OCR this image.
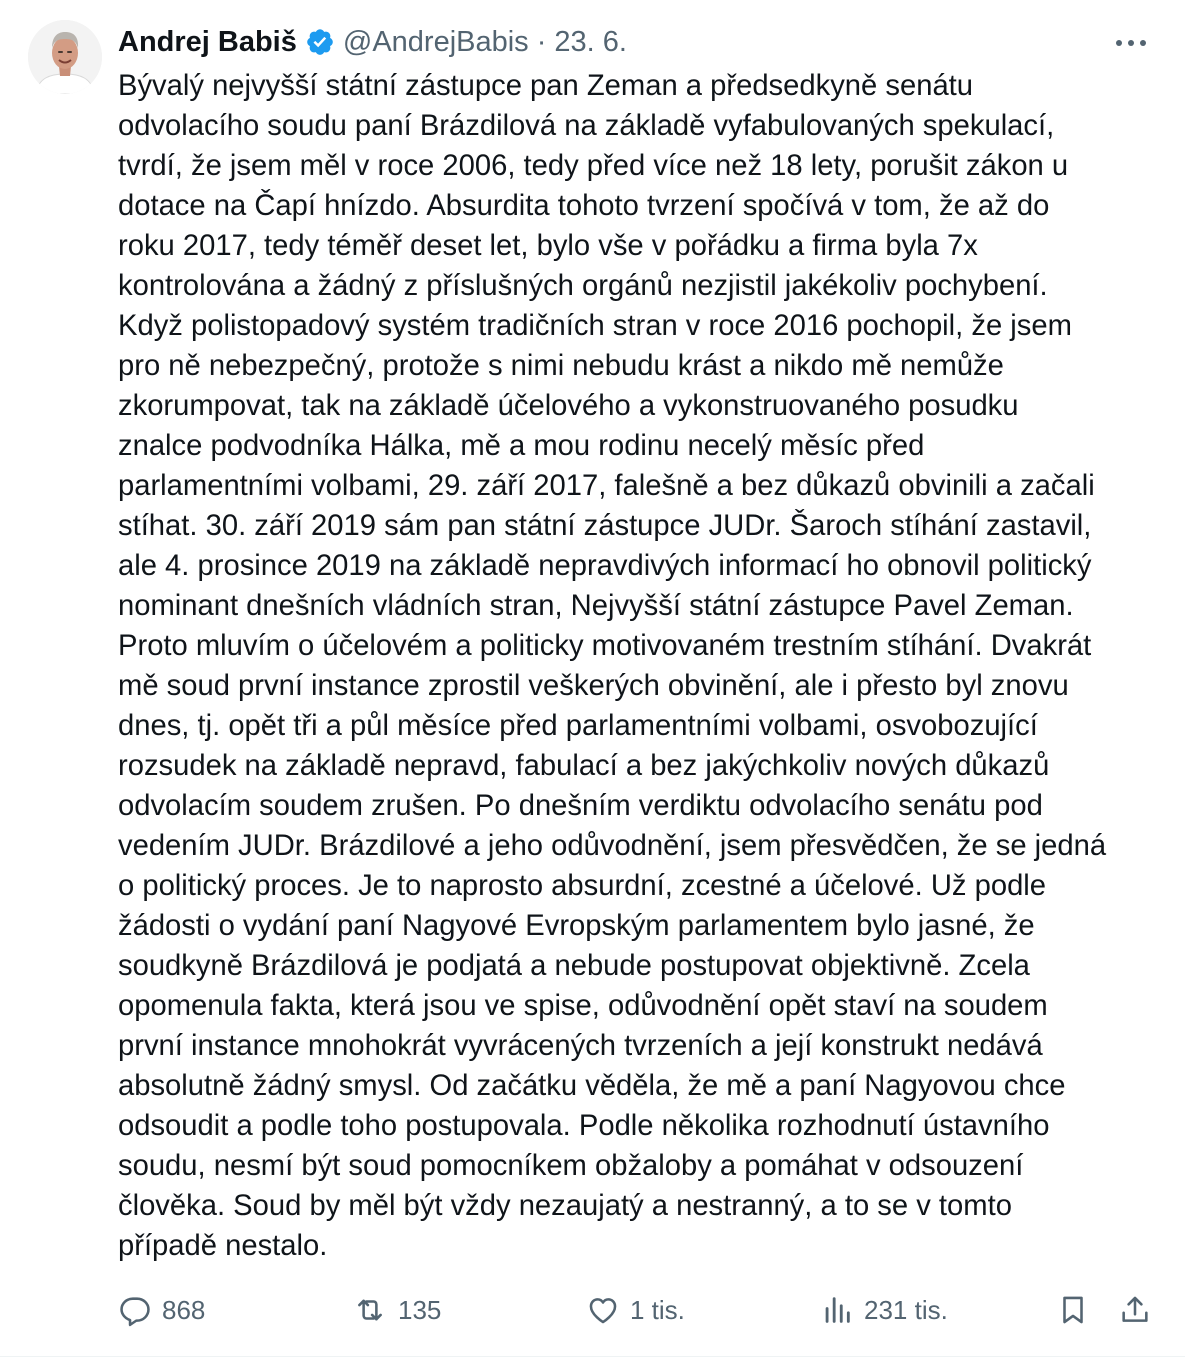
Andrej Babiš @AndrejBabis · 23. 6.
Bývalý nejvyšší státní zástupce pan Zeman a předsedkyně senátu
odvolacího soudu paní Brázdilová na základě vyfabulovaných spekulací,
tvrdí, že jsem měl v roce 2006, tedy před více než 18 lety, porušit zákon u
dotace na Čapí hnízdo. Absurdita tohoto tvrzení spočívá v tom, že až do
roku 2017, tedy téměř deset let, bylo vše v pořádku a firma byla 7x
kontrolována a žádný z příslušných orgánů nezjistil jakékoliv pochybení.
Když polistopadový systém tradičních stran v roce 2016 pochopil, že jsem
pro ně nebezpečný, protože s nimi nebudu krást a nikdo mě nemůže
zkorumpovat, tak na základě účelového a vykonstruovaného posudku
znalce podvodníka Hálka, mě a mou rodinu necelý měsíc před
parlamentními volbami, 29. září 2017, falešně a bez důkazů obvinili a začali
stíhat. 30. září 2019 sám pan státní zástupce JUDr. Šaroch stíhání zastavil,
ale 4. prosince 2019 na základě nepravdivých informací ho obnovil politický
nominant dnešních vládních stran, Nejvyšší státní zástupce Pavel Zeman.
Proto mluvím o účelovém a politicky motivovaném trestním stíhání. Dvakrát
mě soud první instance zprostil veškerých obvinění, ale i přesto byl znovu
dnes, tj. opět tři a půl měsíce před parlamentními volbami, osvobozující
rozsudek na základě nepravd, fabulací a bez jakýchkoliv nových důkazů
odvolacím soudem zrušen. Po dnešním verdiktu odvolacího senátu pod
vedením JUDr. Brázdilové a jeho odůvodnění, jsem přesvědčen, že se jedná
o politický proces. Je to naprosto absurdní, zcestné a účelové. Už podle
žádosti o vydání paní Nagyové Evropským parlamentem bylo jasné, že
soudkyně Brázdilová je podjatá a nebude postupovat objektivně. Zcela
opomenula fakta, která jsou ve spise, odůvodnění opět staví na soudem
první instance mnohokrát vyvrácených tvrzeních a její konstrukt nedává
absolutně žádný smysl. Od začátku věděla, že mě a paní Nagyovou chce
odsoudit a podle toho postupovala. Podle několika rozhodnutí ústavního
soudu, nesmí být soud pomocníkem obžaloby a pomáhat v odsouzení
člověka. Soud by měl být vždy nezaujatý a nestranný, a to se v tomto
případě nestalo.
868	135	1 tis.	231 tis.
